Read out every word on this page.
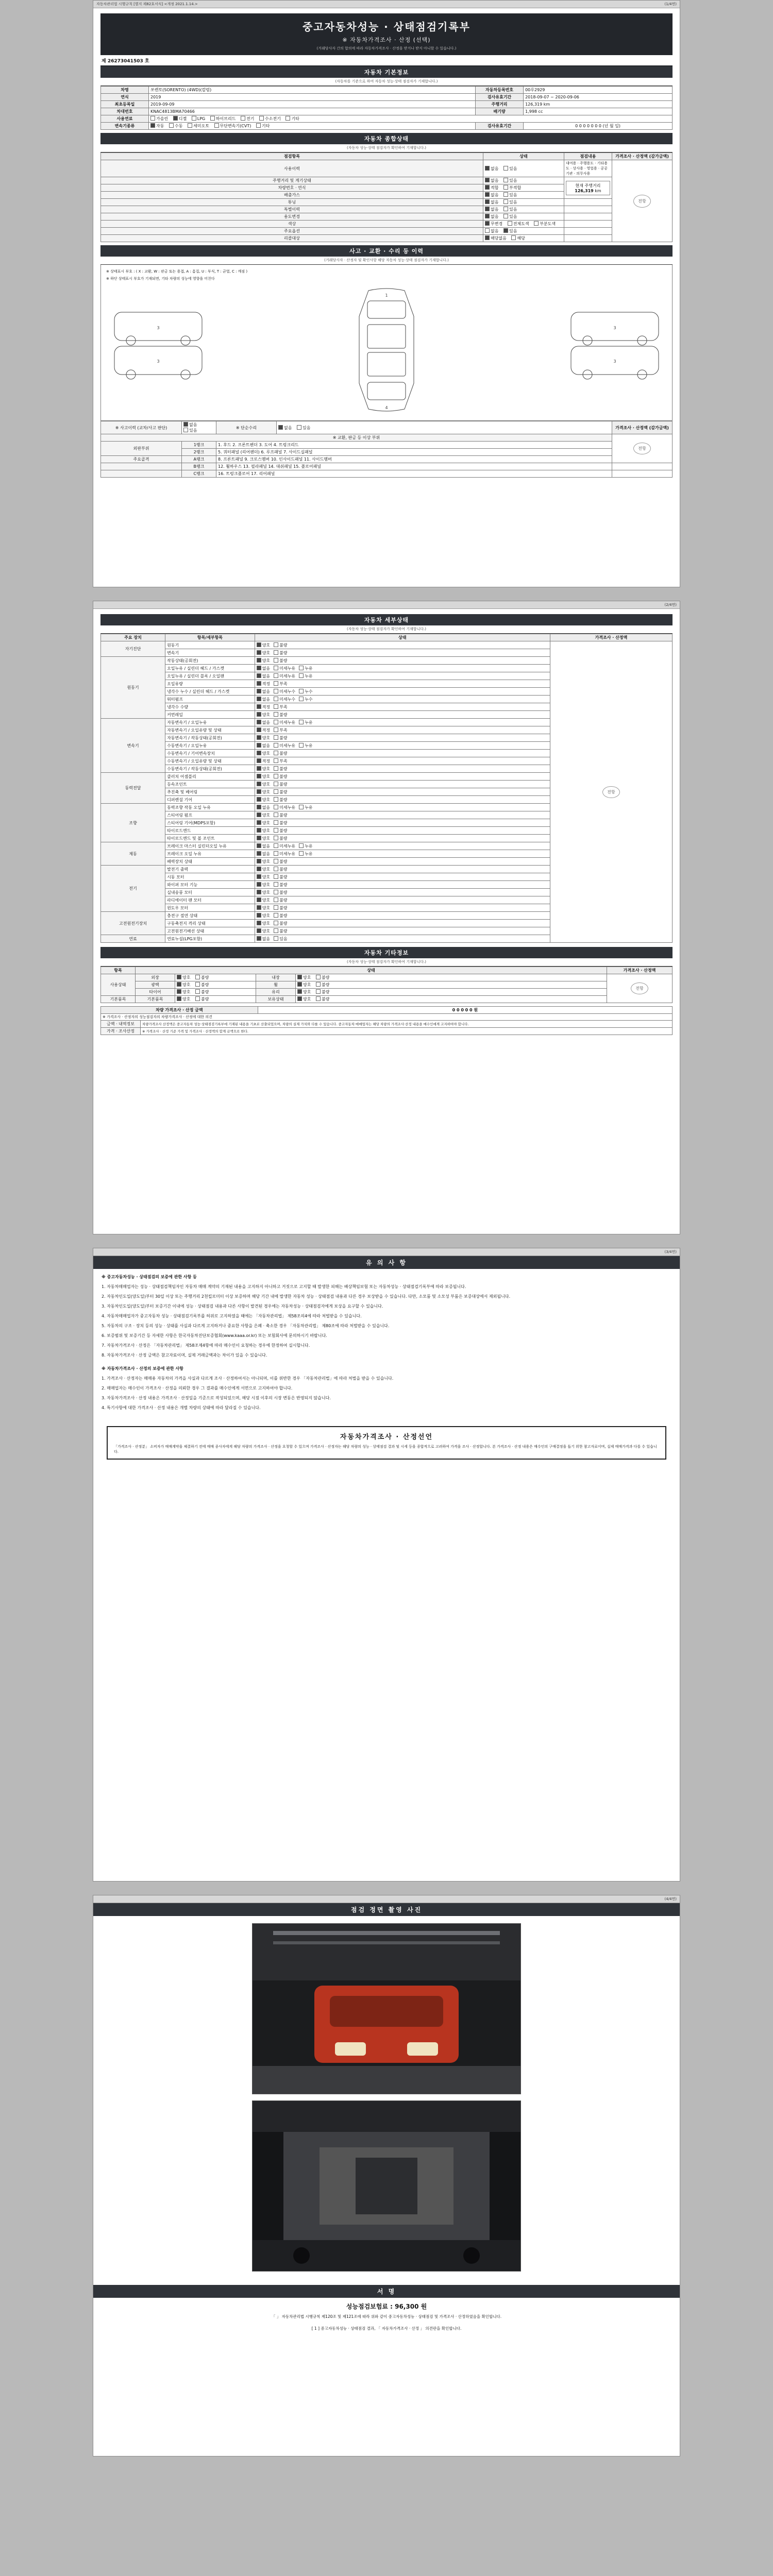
자동차관리법 시행규칙 [별지 제82호서식] <개정 2021.1.14.>	(1/4면)
중고자동차성능 · 상태점검기록부
※ 자동차가격조사 · 산정 (선택)
(거래당사자 간의 합의에 따라 자동차가격조사 · 산정을 받거나 받지 아니할 수 있습니다.)
제 26273041503 호
자동차 기본정보
(자동차를 기준으로 하여 자동차 성능·상태 점검자가 기재합니다.)
차명	쏘렌토(SORENTO) (4WD)(칼럼)	자동차등록번호	00루2929
연식	2019	검사유효기간	2018-09-07 ~ 2020-09-06
최초등록일	2019-09-09	주행거리	126,319 km
차대번호	KNAC4813BMA70466	배기량	1,998 cc
사용연료	가솔린 디젤 LPG 하이브리드 전기 수소전기 기타		
변속기종류	자동 수동 세미오토 무단변속기(CVT) 기타	검사유효기간	0 0 0 0 0 0 0 (년 월 일)
자동차 종합상태
(자동차 성능·상태 점검자가 확인하여 기재합니다.)
점검항목	상태	점검내용	가격조사 · 산정액 (감가금액)
사용이력	없음 있음	대여용 · 주행용도 · 기타용도 · 상사용 · 영업용 · 공공기관 · 의무사용	전항

주행거리 및 계기상태	없음 있음	현재 주행거리 126,319 km	
차량번호 · 연식	적합 부적합		
배출가스	없음 있음		
튜닝	없음 있음		
특별이력	없음 있음		
용도변경	없음 있음		
색상	무변경 전체도색 부분도색		
주요옵션	없음 있음		
리콜대상	해당없음 해당		
사고 · 교환 · 수리 등 이력
(거래당사자 · 산정자 및 확인사항 해당 자동차 성능·상태 점검자가 기재합니다.)
※ 상태표시 부호 : ( X : 교환, W : 판금 또는 용접, A : 흠집, U : 부식, T : 균열, C : 깨짐 )
※ 하단 상태표시 부호가 기재되면, 기타 차량의 성능에 영향을 미친다
3
3
1
4
3
3
※ 사고이력 (교차/사고 판단)	없음 있음	※ 단순수리	없음 있음	가격조사 · 산정액 (감가금액)
※ 교환, 판금 등 이상 부위				전항
외판부위	1랭크	1. 후드 2. 프론트펜더 3. 도어 4. 트렁크리드		
	2랭크	5. 쿼터패널 (리어펜더) 6. 루프패널 7. 사이드실패널		
주요골격	A랭크	8. 프론트패널 9. 크로스멤버 10. 인사이드패널 11. 사이드멤버		
	B랭크	12. 휠하우스 13. 필라패널 14. 대쉬패널 15. 플로어패널		
	C랭크	16. 트렁크플로어 17. 리어패널		
(2/4면)
자동차 세부상태
(자동차 성능·상태 점검자가 확인하여 기재합니다.)
주요 장치	항목/세부항목	상태	가격조사 · 산정액
자기진단	원동기	양호 불량	전항
	변속기	양호 불량	
원동기	작동상태(공회전)	양호 불량	
	오일누유 / 실린더 헤드 / 가스켓	없음 미세누유 누유	
	오일누유 / 실린더 블록 / 오일팬	없음 미세누유 누유	
	오일유량	적정 부족	
	냉각수 누수 / 실린더 헤드 / 가스켓	없음 미세누수 누수	
	워터펌프	없음 미세누수 누수	
	냉각수 수량	적정 부족	
	커먼레일	양호 불량	
변속기	자동변속기 / 오일누유	없음 미세누유 누유	
	자동변속기 / 오일유량 및 상태	적정 부족	
	자동변속기 / 작동상태(공회전)	양호 불량	
	수동변속기 / 오일누유	없음 미세누유 누유	
	수동변속기 / 기어변속장치	양호 불량	
	수동변속기 / 오일유량 및 상태	적정 부족	
	수동변속기 / 작동상태(공회전)	양호 불량	
동력전달	클러치 어셈블리	양호 불량	
	등속조인트	양호 불량	
	추진축 및 베어링	양호 불량	
	디퍼렌셜 기어	양호 불량	
조향	동력조향 작동 오일 누유	없음 미세누유 누유	
	스티어링 펌프	양호 불량	
	스티어링 기어(MDPS포함)	양호 불량	
	타이로드엔드	양호 불량	
	타이로드엔드 및 볼 조인트	양호 불량	
제동	브레이크 마스터 실린더오일 누유	없음 미세누유 누유	
	브레이크 오일 누유	없음 미세누유 누유	
	배력장치 상태	양호 불량	
전기	발전기 출력	양호 불량	
	시동 모터	양호 불량	
	와이퍼 모터 기능	양호 불량	
	실내송풍 모터	양호 불량	
	라디에이터 팬 모터	양호 불량	
	윈도우 모터	양호 불량	
고전원전기장치	충전구 절연 상태	양호 불량	
	구동축전지 격리 상태	양호 불량	
	고전원전기배선 상태	양호 불량	
연료	연료누설(LPG포함)	없음 있음	
자동차 기타정보
(자동차 성능·상태 점검자가 확인하여 기재합니다.)
항목	상태				가격조사 · 산정액
사용상태	외장	양호 불량	내장	양호 불량	전항
	광택	양호 불량	휠	양호 불량	
	타이어	양호 불량	유리	양호 불량	
기본품목	기본품목	양호 불량	보유상태	양호 불량	
차량 가격조사 · 산정 금액		0 0 0 0 0 원
※ 가격조사 · 산정자의 성능점검자의 차량가격조사 · 산정에 대한 의견		
금액 · 내역정보	차량가격조사 산정액은 중고자동차 성능·상태점검기록부에 기재된 내용을 기초로 산출되었으며, 차량의 실제 가치와 다를 수 있습니다. 중고자동차 매매업자는 해당 차량의 가격조사·산정 내용을 매수인에게 고지하여야 합니다.	
가격 · 조사산정	※ 가격조사 · 산정 기준 가격 및 가격조사 · 산정액의 합계 금액으로 한다.	
(3/4면)
유 의 사 항

※ 중고자동차성능 · 상태점검의 보증에 관한 사항 등

1. 자동차매매업자는 성능 · 상태점검책임자인 자동차 매매 계약의 기재된 내용을 고지하지 아니하고 거짓으로 고지할 때 발생한 피해는 배상책임보험 또는 자동차성능 · 상태점검기록부에 따라 보증됩니다.

2. 자동차인도일(양도일)부터 30일 이상 또는 주행거리 2천킬로미터 이상 보증하며 해당 기간 내에 발생한 자동차 성능 · 상태점검 내용과 다른 경우 보상받을 수 있습니다. 다만, 소모품 및 소모성 부품은 보증대상에서 제외됩니다.

3. 자동차인도일(양도일)부터 보증기간 이내에 성능 · 상태점검 내용과 다른 사항이 발견된 경우에는 자동차성능 · 상태점검자에게 보상을 요구할 수 있습니다.

4. 자동차매매업자가 중고자동차 성능 · 상태점검기록부를 허위로 고지하였을 때에는 「자동차관리법」 제58조의4에 따라 처벌받을 수 있습니다.

5. 자동차의 구조 · 장치 등의 성능 · 상태를 사실과 다르게 고지하거나 중요한 사항을 은폐 · 축소한 경우 「자동차관리법」 제80조에 따라 처벌받을 수 있습니다.

6. 보증범위 및 보증기간 등 자세한 사항은 한국자동차진단보증협회(www.kaaa.or.kr) 또는 보험회사에 문의하시기 바랍니다.

7. 자동차가격조사 · 산정은 「자동차관리법」 제58조제4항에 따라 매수인이 요청하는 경우에 한정하여 실시합니다.

8. 자동차가격조사 · 산정 금액은 참고자료이며, 실제 거래금액과는 차이가 있을 수 있습니다.

※ 자동차가격조사 · 산정의 보증에 관한 사항

1. 가격조사 · 산정자는 매매용 자동차의 가격을 사실과 다르게 조사 · 산정하여서는 아니되며, 이를 위반한 경우 「자동차관리법」에 따라 처벌을 받을 수 있습니다.

2. 매매업자는 매수인이 가격조사 · 산정을 의뢰한 경우 그 결과를 매수인에게 서면으로 고지하여야 합니다.

3. 자동차가격조사 · 산정 내용은 가격조사 · 산정일을 기준으로 작성되었으며, 해당 시점 이후의 시장 변동은 반영되지 않습니다.

4. 특기사항에 대한 가격조사 · 산정 내용은 개별 차량의 상태에 따라 달라질 수 있습니다.

자동차가격조사 · 산정선언
「가격조사 · 산정분」 소비자가 매매계약을 체결하기 전에 매매 종사자에게 해당 차량의 가격조사 · 산정을 요청할 수 있으며 가격조사 · 산정자는 해당 차량의 성능 · 상태점검 결과 및 시세 등을 종합적으로 고려하여 가격을 조사 · 산정합니다. 본 가격조사 · 산정 내용은 매수인의 구매결정을 돕기 위한 참고자료이며, 실제 매매가격과 다를 수 있습니다.
(4/4면)
점검 정면 촬영 사진
서 명
성능점검보험료 : 96,300 원
「 」 자동차관리법 시행규칙 제120조 및 제121조에 따라 위와 같이 중고자동차성능 · 상태점검 및 가격조사 · 산정하였음을 확인합니다.
[ 1 ] 중고자동차성능 · 상태점검 결과, 「 자동차가격조사 · 산정 」 의견란을 확인합니다.
